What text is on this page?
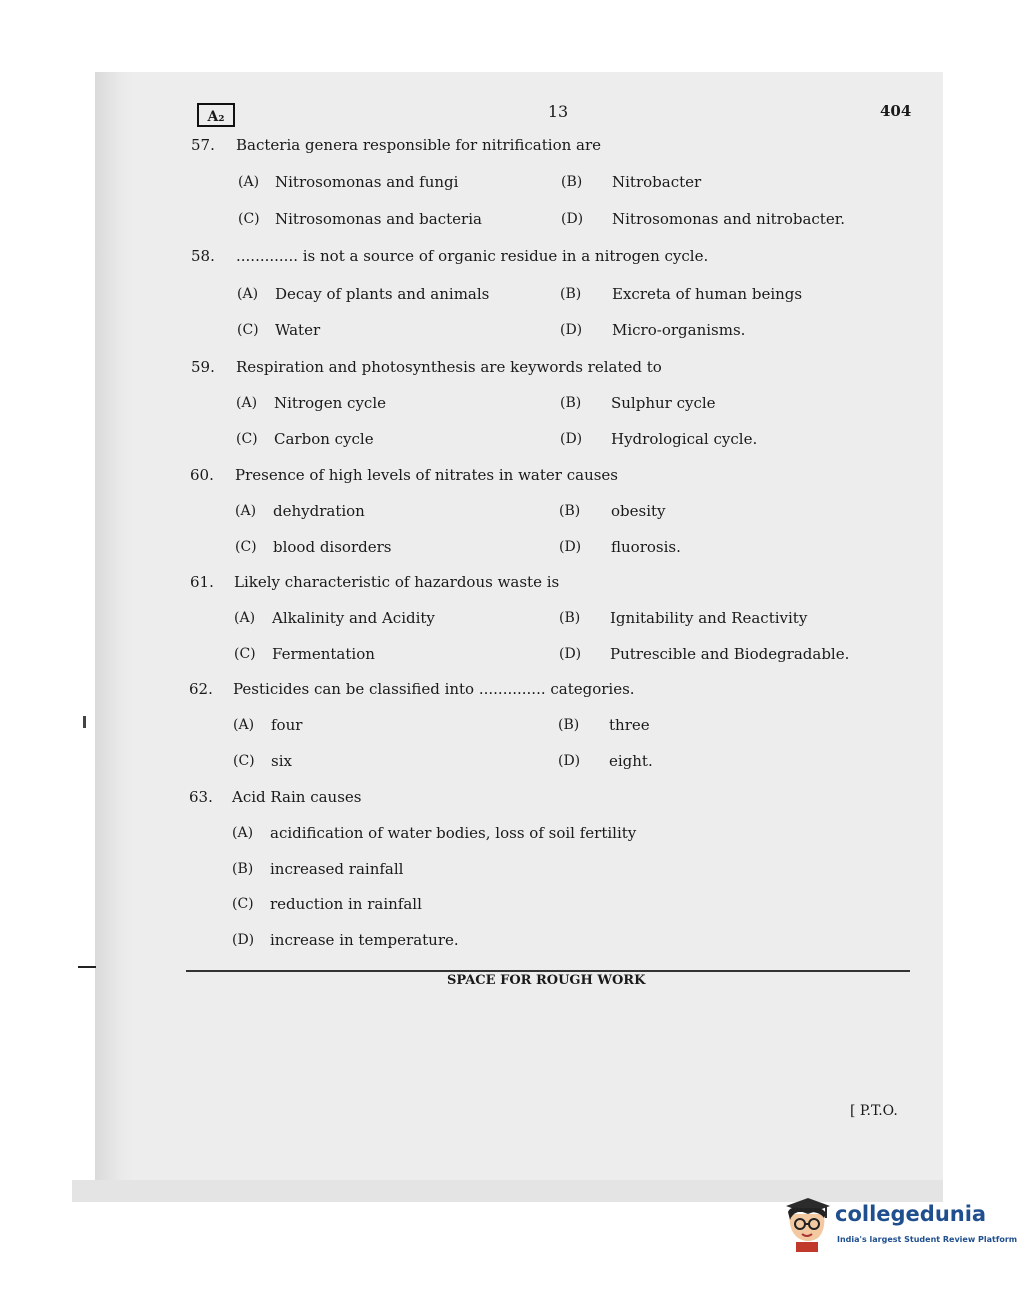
A₂	13	404
57. Bacteria genera responsible for nitrification are
(A) Nitrosomonas and fungi	(B) Nitrobacter
(C) Nitrosomonas and bacteria	(D) Nitrosomonas and nitrobacter.
58. ............. is not a source of organic residue in a nitrogen cycle.
(A) Decay of plants and animals	(B) Excreta of human beings
(C) Water	(D) Micro-organisms.
59. Respiration and photosynthesis are keywords related to
(A) Nitrogen cycle	(B) Sulphur cycle
(C) Carbon cycle	(D) Hydrological cycle.
60. Presence of high levels of nitrates in water causes
(A) dehydration	(B) obesity
(C) blood disorders	(D) fluorosis.
61. Likely characteristic of hazardous waste is
(A) Alkalinity and Acidity	(B) Ignitability and Reactivity
(C) Fermentation	(D) Putrescible and Biodegradable.
62. Pesticides can be classified into .............. categories.
(A) four	(B) three
(C) six	(D) eight.
63. Acid Rain causes
(A) acidification of water bodies, loss of soil fertility
(B) increased rainfall
(C) reduction in rainfall
(D) increase in temperature.
SPACE FOR ROUGH WORK
[ P.T.O.
collegedunia
India's largest Student Review Platform
